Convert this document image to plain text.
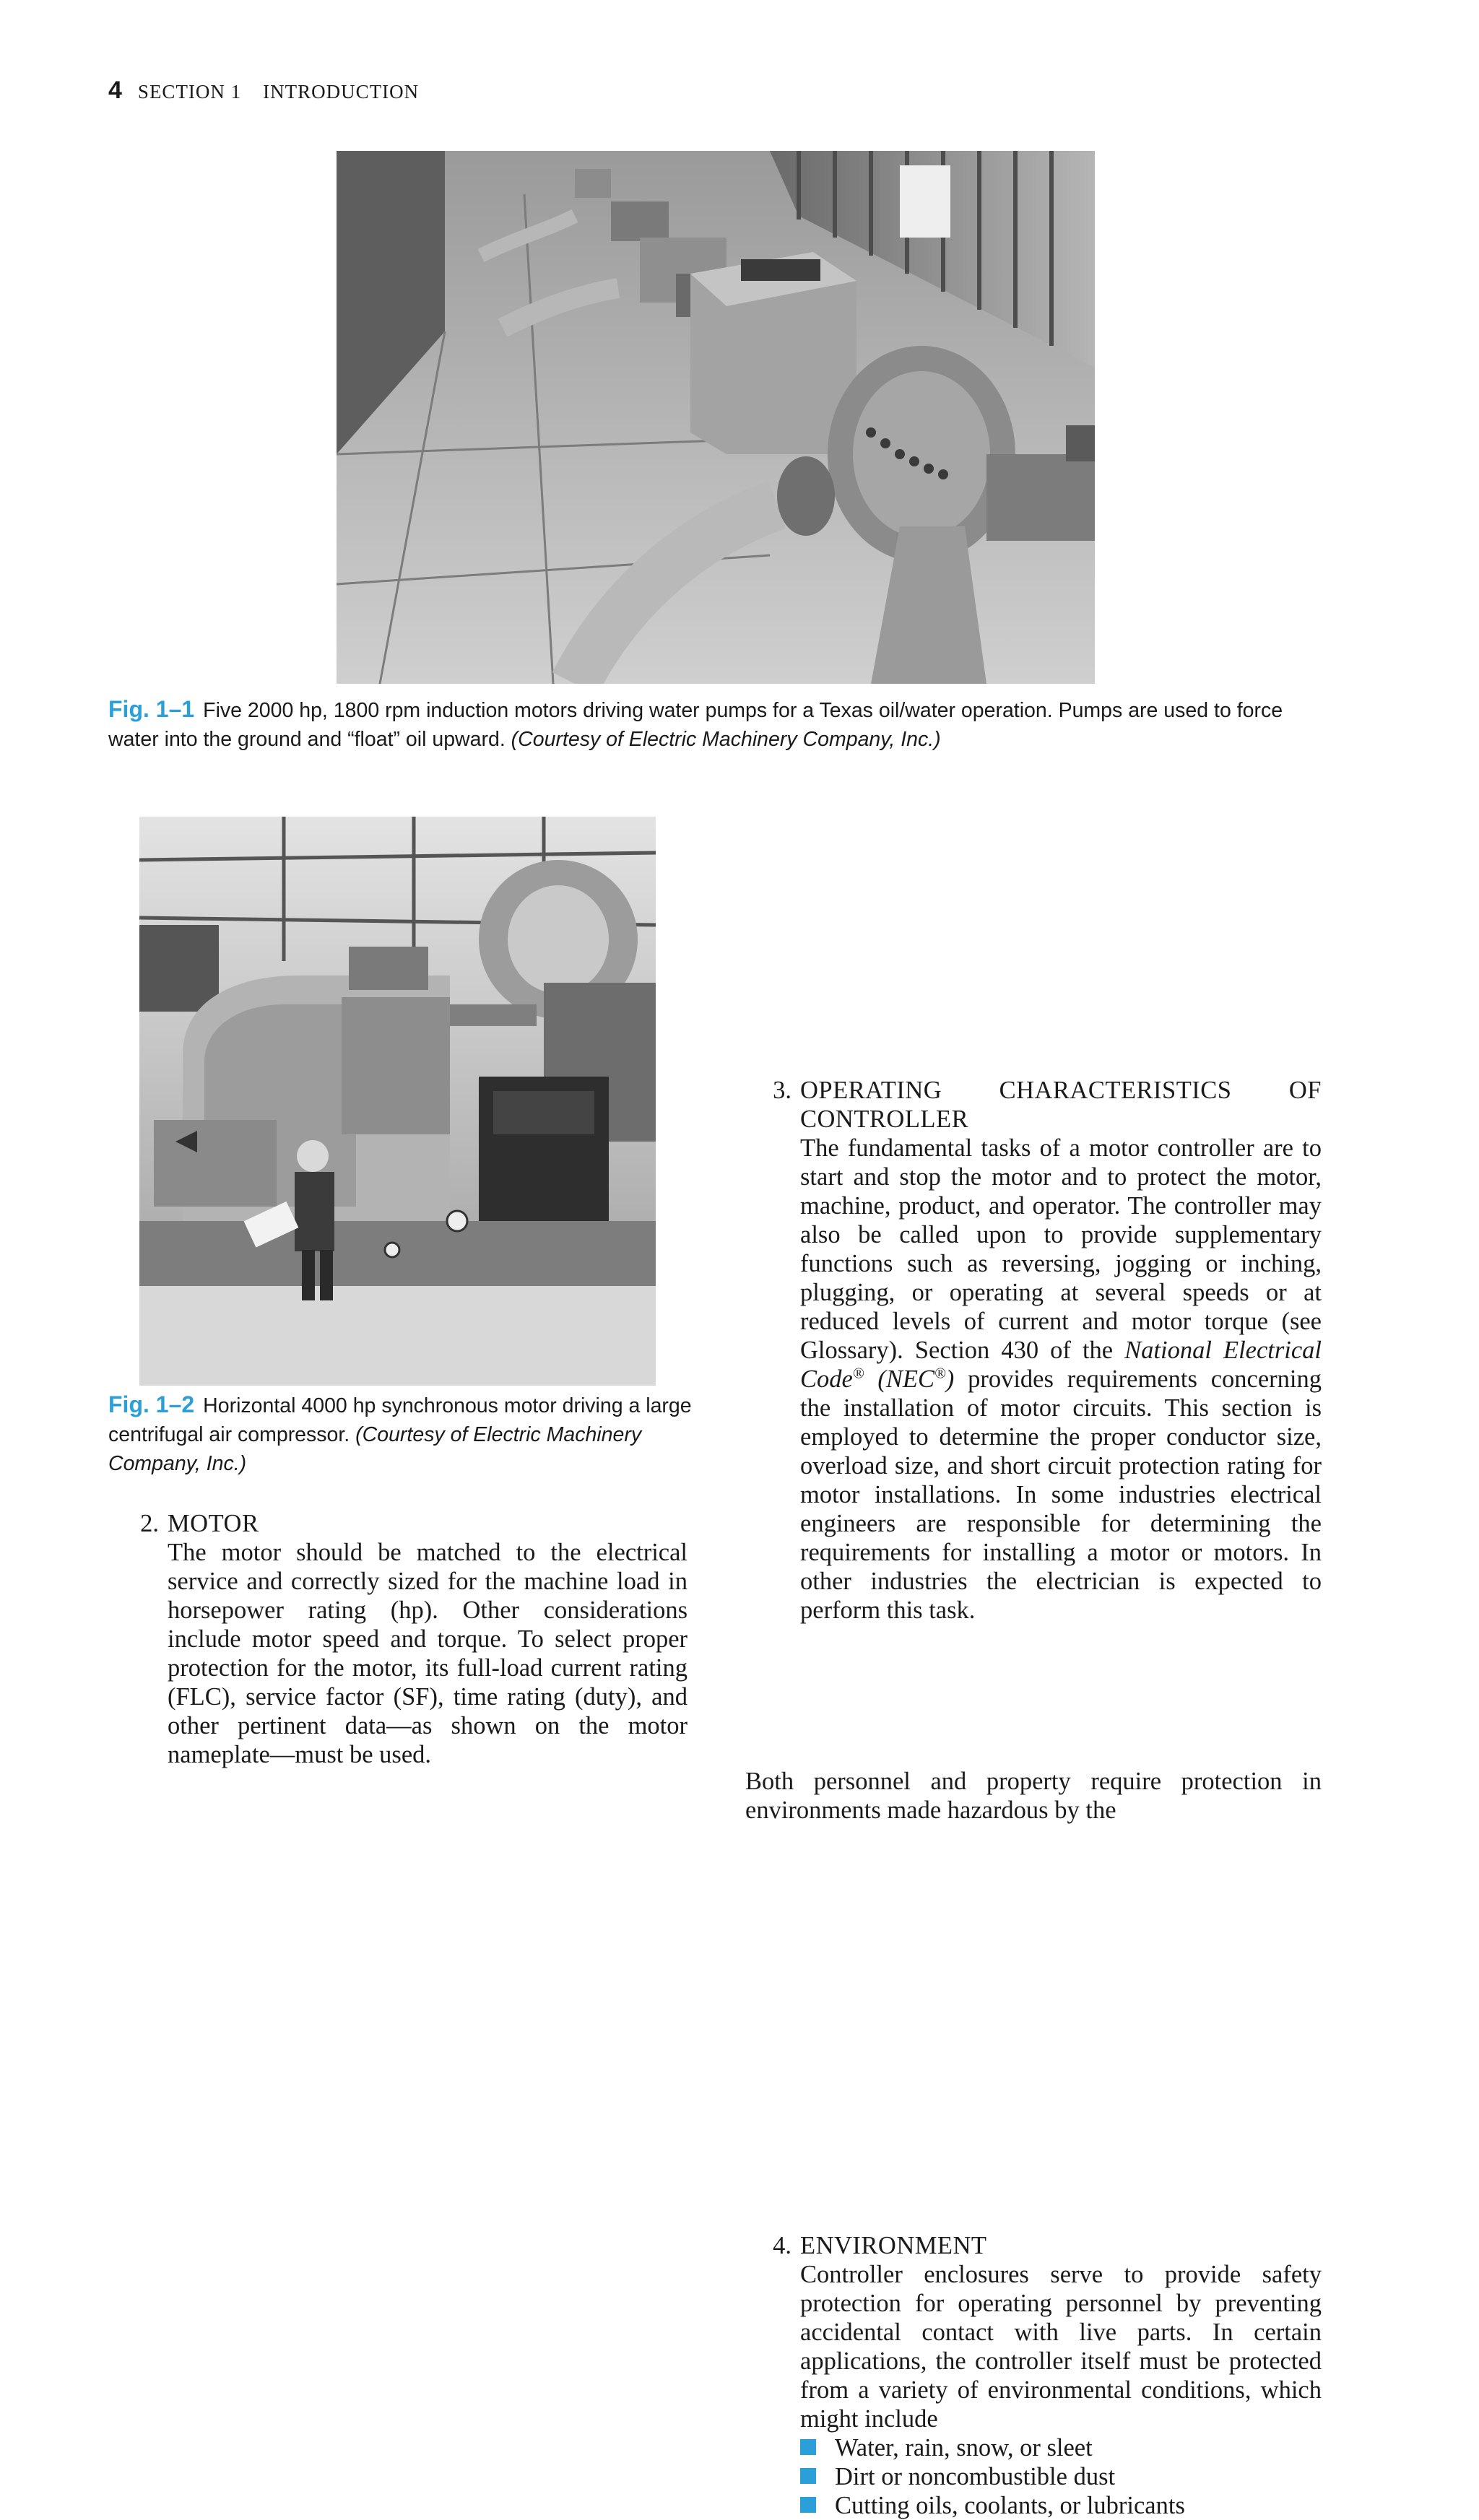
4 SECTION 1 INTRODUCTION
Fig. 1–1 Five 2000 hp, 1800 rpm induction motors driving water pumps for a Texas oil/water operation. Pumps are used to force water into the ground and “float” oil upward. (Courtesy of Electric Machinery Company, Inc.)
Fig. 1–2 Horizontal 4000 hp synchronous motor driving a large centrifugal air compressor. (Courtesy of Electric Machinery Company, Inc.)
2. MOTOR
The motor should be matched to the electrical service and correctly sized for the machine load in horsepower rating (hp). Other considerations include motor speed and torque. To select proper protection for the motor, its full-load current rating (FLC), service factor (SF), time rating (duty), and other pertinent data—as shown on the motor nameplate—must be used.
3. OPERATING CHARACTERISTICS OF
CONTROLLER
The fundamental tasks of a motor controller are to start and stop the motor and to protect the motor, machine, product, and operator. The controller may also be called upon to provide supplementary functions such as reversing, jogging or inching, plugging, or operating at several speeds or at reduced levels of current and motor torque (see Glossary). Section 430 of the National Electrical Code® (NEC®) provides requirements concerning the installation of motor circuits. This section is employed to determine the proper conductor size, overload size, and short circuit protection rating for motor installations. In some industries electrical engineers are responsible for determining the requirements for installing a motor or motors. In other industries the electrician is expected to perform this task.
4. ENVIRONMENT
Controller enclosures serve to provide safety protection for operating personnel by preventing accidental contact with live parts. In certain applications, the controller itself must be protected from a variety of environmental conditions, which might include
Water, rain, snow, or sleet
Dirt or noncombustible dust
Cutting oils, coolants, or lubricants
Both personnel and property require protection in environments made hazardous by the
